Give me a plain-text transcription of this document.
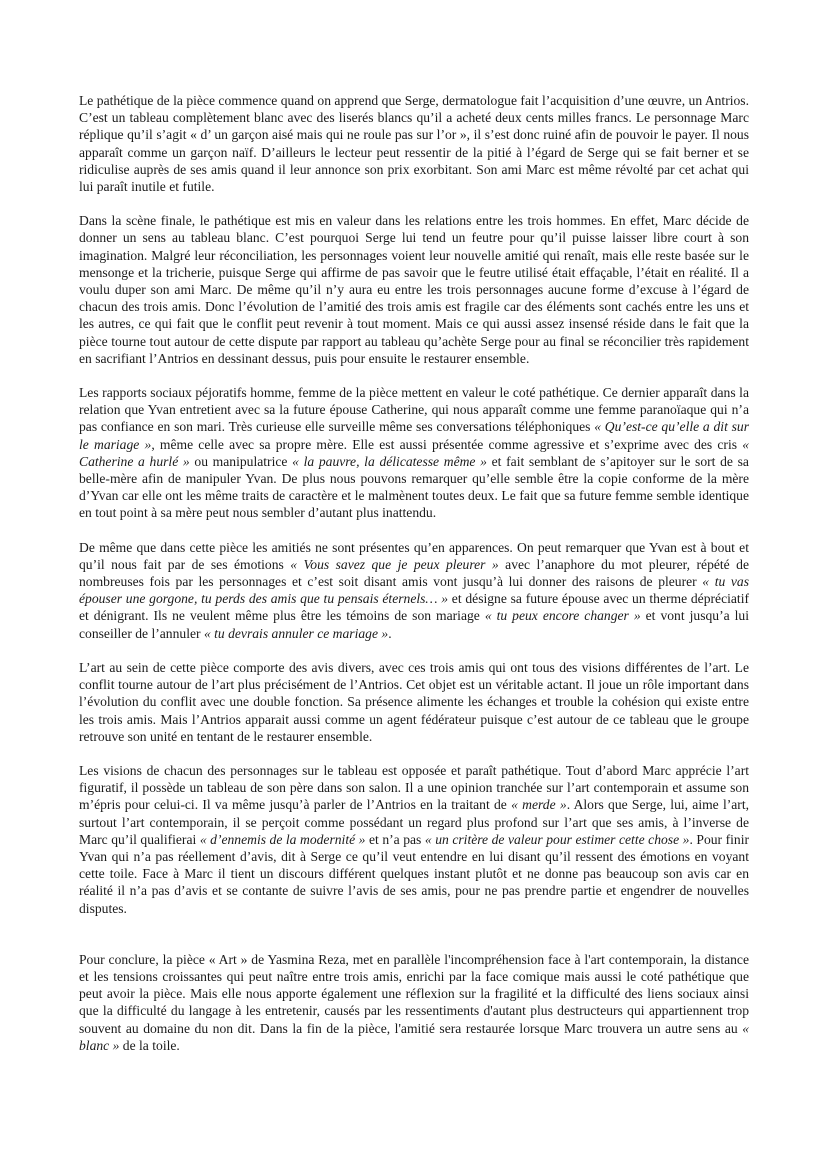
Le pathétique de la pièce commence quand on apprend que Serge, dermatologue fait l’acquisition d’une œuvre, un Antrios. C’est un tableau complètement blanc avec des liserés blancs qu’il a acheté deux cents milles francs. Le personnage Marc réplique qu’il s’agit « d’ un garçon aisé mais qui ne roule pas sur l’or », il s’est donc ruiné afin de pouvoir le payer. Il nous apparaît comme un garçon naïf. D’ailleurs le lecteur peut ressentir de la pitié à l’égard de Serge qui se fait berner et se ridiculise auprès de ses amis quand il leur annonce son prix exorbitant. Son ami Marc est même révolté par cet achat qui lui paraît inutile et futile.

Dans la scène finale, le pathétique est mis en valeur dans les relations entre les trois hommes. En effet, Marc décide de donner un sens au tableau blanc. C’est pourquoi Serge lui tend un feutre pour qu’il puisse laisser libre court à son imagination. Malgré leur réconciliation, les personnages voient leur nouvelle amitié qui renaît, mais elle reste basée sur le mensonge et la tricherie, puisque Serge qui affirme de pas savoir que le feutre utilisé était effaçable, l’était en réalité. Il a voulu duper son ami Marc. De même qu’il n’y aura eu entre les trois personnages aucune forme d’excuse à l’égard de chacun des trois amis. Donc l’évolution de l’amitié des trois amis est fragile car des éléments sont cachés entre les uns et les autres, ce qui fait que le conflit peut revenir à tout moment. Mais ce qui aussi assez insensé réside dans le fait que la pièce tourne tout autour de cette dispute par rapport au tableau qu’achète Serge pour au final se réconcilier très rapidement en sacrifiant l’Antrios en dessinant dessus, puis pour ensuite le restaurer ensemble.

Les rapports sociaux péjoratifs homme, femme de la pièce mettent en valeur le coté pathétique. Ce dernier apparaît dans la relation que Yvan entretient avec sa la future épouse Catherine, qui nous apparaît comme une femme paranoïaque qui n’a pas confiance en son mari. Très curieuse elle surveille même ses conversations téléphoniques « Qu’est-ce qu’elle a dit sur le mariage », même celle avec sa propre mère. Elle est aussi présentée comme agressive et s’exprime avec des cris « Catherine a hurlé » ou manipulatrice « la pauvre, la délicatesse même » et fait semblant de s’apitoyer sur le sort de sa belle-mère afin de manipuler Yvan. De plus nous pouvons remarquer qu’elle semble être la copie conforme de la mère d’Yvan car elle ont les même traits de caractère et le malmènent toutes deux. Le fait que sa future femme semble identique en tout point à sa mère peut nous sembler d’autant plus inattendu.

De même que dans cette pièce les amitiés ne sont présentes qu’en apparences. On peut remarquer que Yvan est à bout et qu’il nous fait par de ses émotions « Vous savez que je peux pleurer » avec l’anaphore du mot pleurer, répété de nombreuses fois par les personnages et c’est soit disant amis vont jusqu’à lui donner des raisons de pleurer « tu vas épouser une gorgone, tu perds des amis que tu pensais éternels… » et désigne sa future épouse avec un therme dépréciatif et dénigrant. Ils ne veulent même plus être les témoins de son mariage « tu peux encore changer » et vont jusqu’a lui conseiller de l’annuler « tu devrais annuler ce mariage ».

L’art au sein de cette pièce comporte des avis divers, avec ces trois amis qui ont tous des visions différentes de l’art. Le conflit tourne autour de l’art plus précisément de l’Antrios. Cet objet est un véritable actant. Il joue un rôle important dans l’évolution du conflit avec une double fonction. Sa présence alimente les échanges et trouble la cohésion qui existe entre les trois amis. Mais l’Antrios apparait aussi comme un agent fédérateur puisque c’est autour de ce tableau que le groupe retrouve son unité en tentant de le restaurer ensemble.

Les visions de chacun des personnages sur le tableau est opposée et paraît pathétique. Tout d’abord Marc apprécie l’art figuratif, il possède un tableau de son père dans son salon. Il a une opinion tranchée sur l’art contemporain et assume son m’épris pour celui-ci. Il va même jusqu’à parler de l’Antrios en la traitant de « merde ». Alors que Serge, lui, aime l’art, surtout l’art contemporain, il se perçoit comme possédant un regard plus profond sur l’art que ses amis, à l’inverse de Marc qu’il qualifierai « d’ennemis de la modernité » et n’a pas « un critère de valeur pour estimer cette chose ». Pour finir Yvan qui n’a pas réellement d’avis, dit à Serge ce qu’il veut entendre en lui disant qu’il ressent des émotions en voyant cette toile. Face à Marc il tient un discours différent quelques instant plutôt et ne donne pas beaucoup son avis car en réalité il n’a pas d’avis et se contante de suivre l’avis de ses amis, pour ne pas prendre partie et engendrer de nouvelles disputes.

Pour conclure, la pièce « Art » de Yasmina Reza, met en parallèle l'incompréhension face à l'art contemporain, la distance et les tensions croissantes qui peut naître entre trois amis, enrichi par la face comique mais aussi le coté pathétique que peut avoir la pièce. Mais elle nous apporte également une réflexion sur la fragilité et la difficulté des liens sociaux ainsi que la difficulté du langage à les entretenir, causés par les ressentiments d'autant plus destructeurs qui appartiennent trop souvent au domaine du non dit. Dans la fin de la pièce, l'amitié sera restaurée lorsque Marc trouvera un autre sens au « blanc » de la toile.
